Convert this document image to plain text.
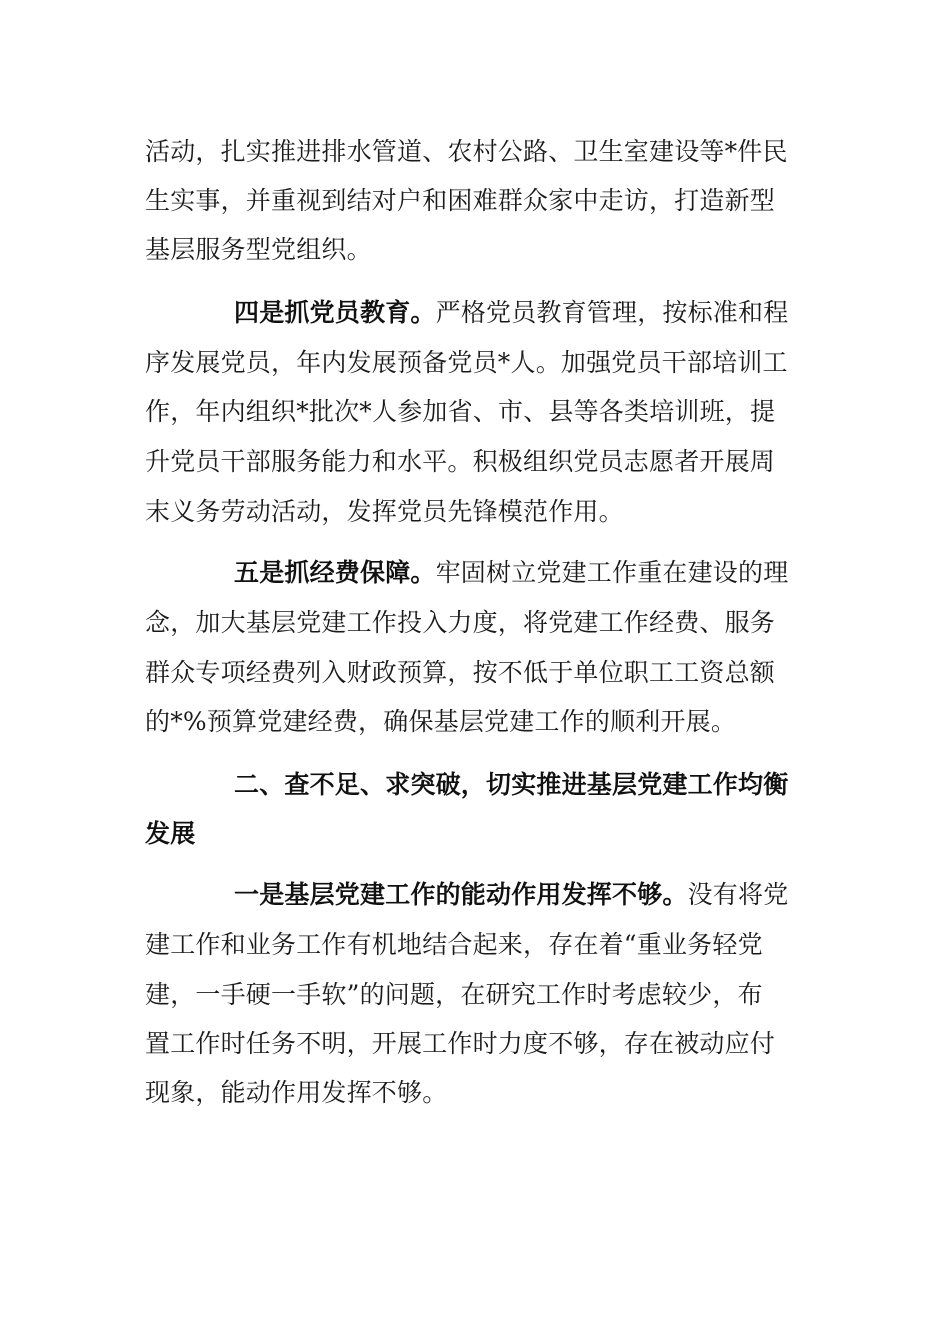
活动，扎实推进排水管道、农村公路、卫生室建设等*件民
生实事，并重视到结对户和困难群众家中走访，打造新型
基层服务型党组织。
四是抓党员教育。严格党员教育管理，按标准和程
序发展党员，年内发展预备党员*人。加强党员干部培训工
作，年内组织*批次*人参加省、市、县等各类培训班，提
升党员干部服务能力和水平。积极组织党员志愿者开展周
末义务劳动活动，发挥党员先锋模范作用。
五是抓经费保障。牢固树立党建工作重在建设的理
念，加大基层党建工作投入力度，将党建工作经费、服务
群众专项经费列入财政预算，按不低于单位职工工资总额
的*%预算党建经费，确保基层党建工作的顺利开展。
二、查不足、求突破，切实推进基层党建工作均衡
发展
一是基层党建工作的能动作用发挥不够。没有将党
建工作和业务工作有机地结合起来，存在着“重业务轻党
建，一手硬一手软”的问题，在研究工作时考虑较少，布
置工作时任务不明，开展工作时力度不够，存在被动应付
现象，能动作用发挥不够。
